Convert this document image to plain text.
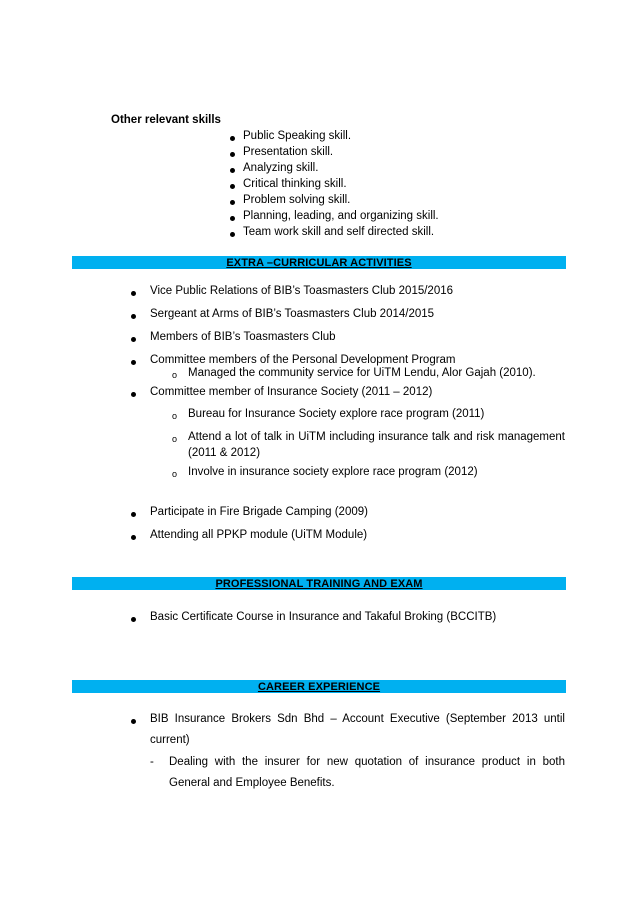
Other relevant skills
Public Speaking skill.
Presentation skill.
Analyzing skill.
Critical thinking skill.
Problem solving skill.
Planning, leading, and organizing skill.
Team work skill and self directed skill.
EXTRA –CURRICULAR ACTIVITIES
Vice Public Relations of BIB’s Toasmasters Club 2015/2016
Sergeant at Arms of BIB’s Toasmasters Club 2014/2015
Members of BIB’s Toasmasters Club
Committee members of the Personal Development Program
o Managed the community service for UiTM Lendu, Alor Gajah (2010).
Committee member of Insurance Society (2011 – 2012)
o Bureau for Insurance Society explore race program (2011)
o Attend a lot of talk in UiTM including insurance talk and risk management
(2011 & 2012)
o Involve in insurance society explore race program (2012)
Participate in Fire Brigade Camping (2009)
Attending all PPKP module (UiTM Module)
PROFESSIONAL TRAINING AND EXAM
Basic Certificate Course in Insurance and Takaful Broking (BCCITB)
CAREER EXPERIENCE
BIB Insurance Brokers Sdn Bhd – Account Executive (September 2013 until
current)
- Dealing with the insurer for new quotation of insurance product in both
General and Employee Benefits.
